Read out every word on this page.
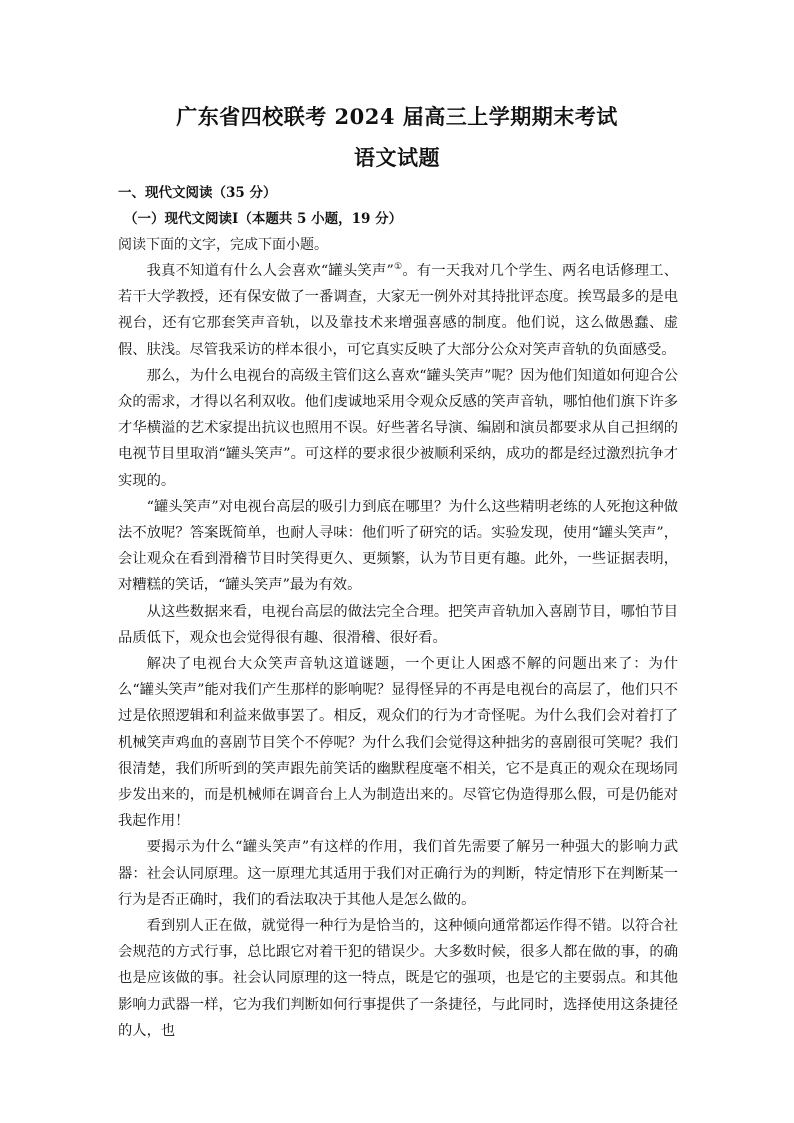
广东省四校联考 2024 届高三上学期期末考试
语文试题
一、现代文阅读（35 分）
（一）现代文阅读Ⅰ（本题共 5 小题，19 分）
阅读下面的文字，完成下面小题。

我真不知道有什么人会喜欢“罐头笑声”①。有一天我对几个学生、两名电话修理工、若干大学教授，还有保安做了一番调查，大家无一例外对其持批评态度。挨骂最多的是电视台，还有它那套笑声音轨，以及靠技术来增强喜感的制度。他们说，这么做愚蠢、虚假、肤浅。尽管我采访的样本很小，可它真实反映了大部分公众对笑声音轨的负面感受。

那么，为什么电视台的高级主管们这么喜欢“罐头笑声”呢？因为他们知道如何迎合公众的需求，才得以名利双收。他们虔诚地采用令观众反感的笑声音轨，哪怕他们旗下许多才华横溢的艺术家提出抗议也照用不误。好些著名导演、编剧和演员都要求从自己担纲的电视节目里取消“罐头笑声”。可这样的要求很少被顺利采纳，成功的都是经过激烈抗争才实现的。

“罐头笑声”对电视台高层的吸引力到底在哪里？为什么这些精明老练的人死抱这种做法不放呢？答案既简单，也耐人寻味：他们听了研究的话。实验发现，使用“罐头笑声”，会让观众在看到滑稽节目时笑得更久、更频繁，认为节目更有趣。此外，一些证据表明，对糟糕的笑话，“罐头笑声”最为有效。

从这些数据来看，电视台高层的做法完全合理。把笑声音轨加入喜剧节目，哪怕节目品质低下，观众也会觉得很有趣、很滑稽、很好看。

解决了电视台大众笑声音轨这道谜题，一个更让人困惑不解的问题出来了：为什么“罐头笑声”能对我们产生那样的影响呢？显得怪异的不再是电视台的高层了，他们只不过是依照逻辑和利益来做事罢了。相反，观众们的行为才奇怪呢。为什么我们会对着打了机械笑声鸡血的喜剧节目笑个不停呢？为什么我们会觉得这种拙劣的喜剧很可笑呢？我们很清楚，我们所听到的笑声跟先前笑话的幽默程度毫不相关，它不是真正的观众在现场同步发出来的，而是机械师在调音台上人为制造出来的。尽管它伪造得那么假，可是仍能对我起作用！

要揭示为什么“罐头笑声”有这样的作用，我们首先需要了解另一种强大的影响力武器：社会认同原理。这一原理尤其适用于我们对正确行为的判断，特定情形下在判断某一行为是否正确时，我们的看法取决于其他人是怎么做的。

看到别人正在做，就觉得一种行为是恰当的，这种倾向通常都运作得不错。以符合社会规范的方式行事，总比跟它对着干犯的错误少。大多数时候，很多人都在做的事，的确也是应该做的事。社会认同原理的这一特点，既是它的强项，也是它的主要弱点。和其他影响力武器一样，它为我们判断如何行事提供了一条捷径，与此同时，选择使用这条捷径的人，也
